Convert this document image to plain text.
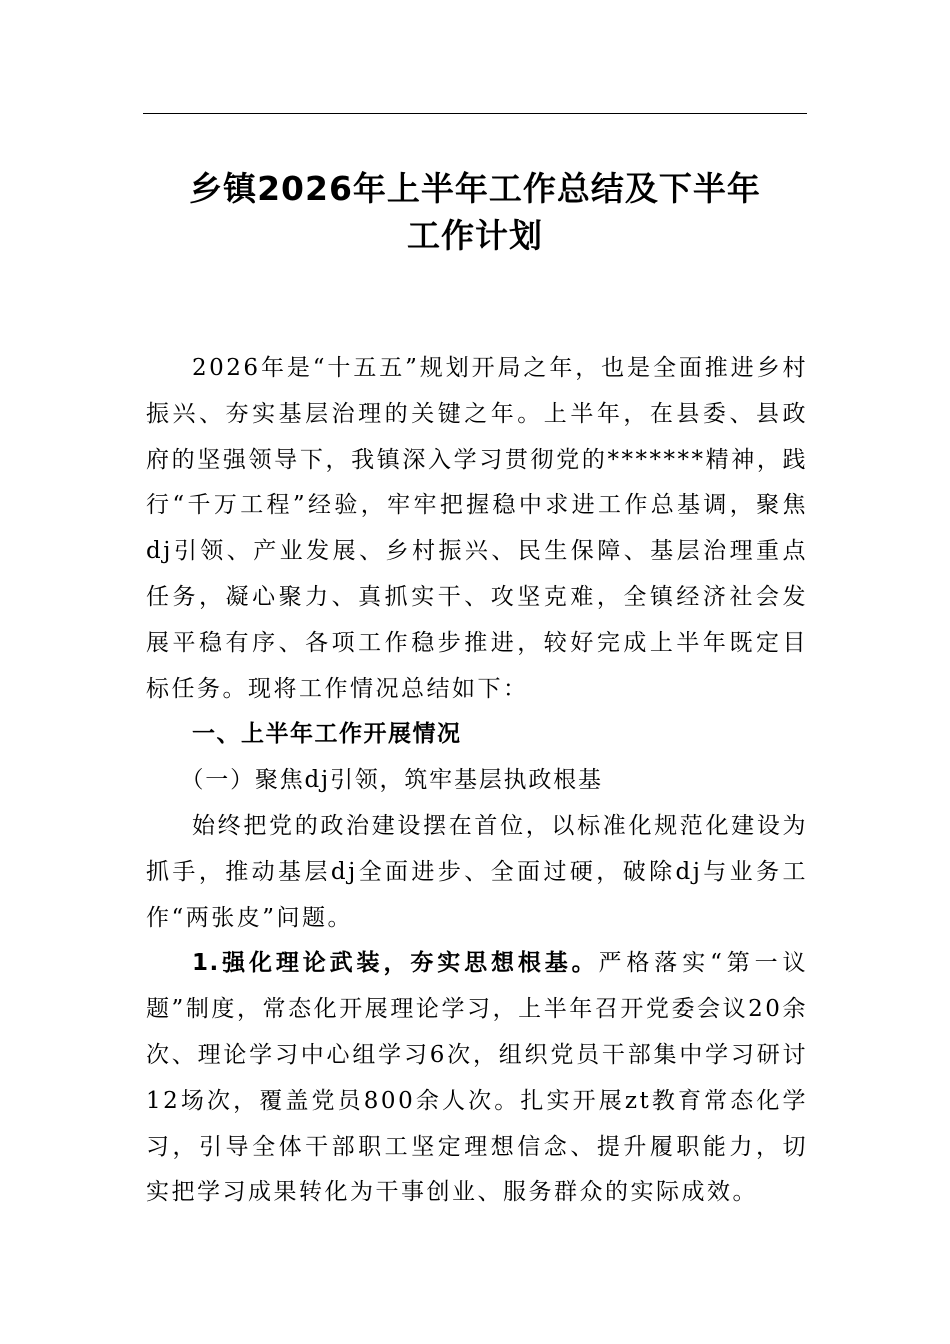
乡镇2026年上半年工作总结及下半年
工作计划

2026年是“十五五”规划开局之年，也是全面推进乡村振兴、夯实基层治理的关键之年。上半年，在县委、县政府的坚强领导下，我镇深入学习贯彻党的*******精神，践行“千万工程”经验，牢牢把握稳中求进工作总基调，聚焦dj引领、产业发展、乡村振兴、民生保障、基层治理重点任务，凝心聚力、真抓实干、攻坚克难，全镇经济社会发展平稳有序、各项工作稳步推进，较好完成上半年既定目标任务。现将工作情况总结如下：

一、上半年工作开展情况

（一）聚焦dj引领，筑牢基层执政根基

始终把党的政治建设摆在首位，以标准化规范化建设为抓手，推动基层dj全面进步、全面过硬，破除dj与业务工作“两张皮”问题。

1.强化理论武装，夯实思想根基。严格落实“第一议题”制度，常态化开展理论学习，上半年召开党委会议20余次、理论学习中心组学习6次，组织党员干部集中学习研讨12场次，覆盖党员800余人次。扎实开展zt教育常态化学习，引导全体干部职工坚定理想信念、提升履职能力，切实把学习成果转化为干事创业、服务群众的实际成效。
